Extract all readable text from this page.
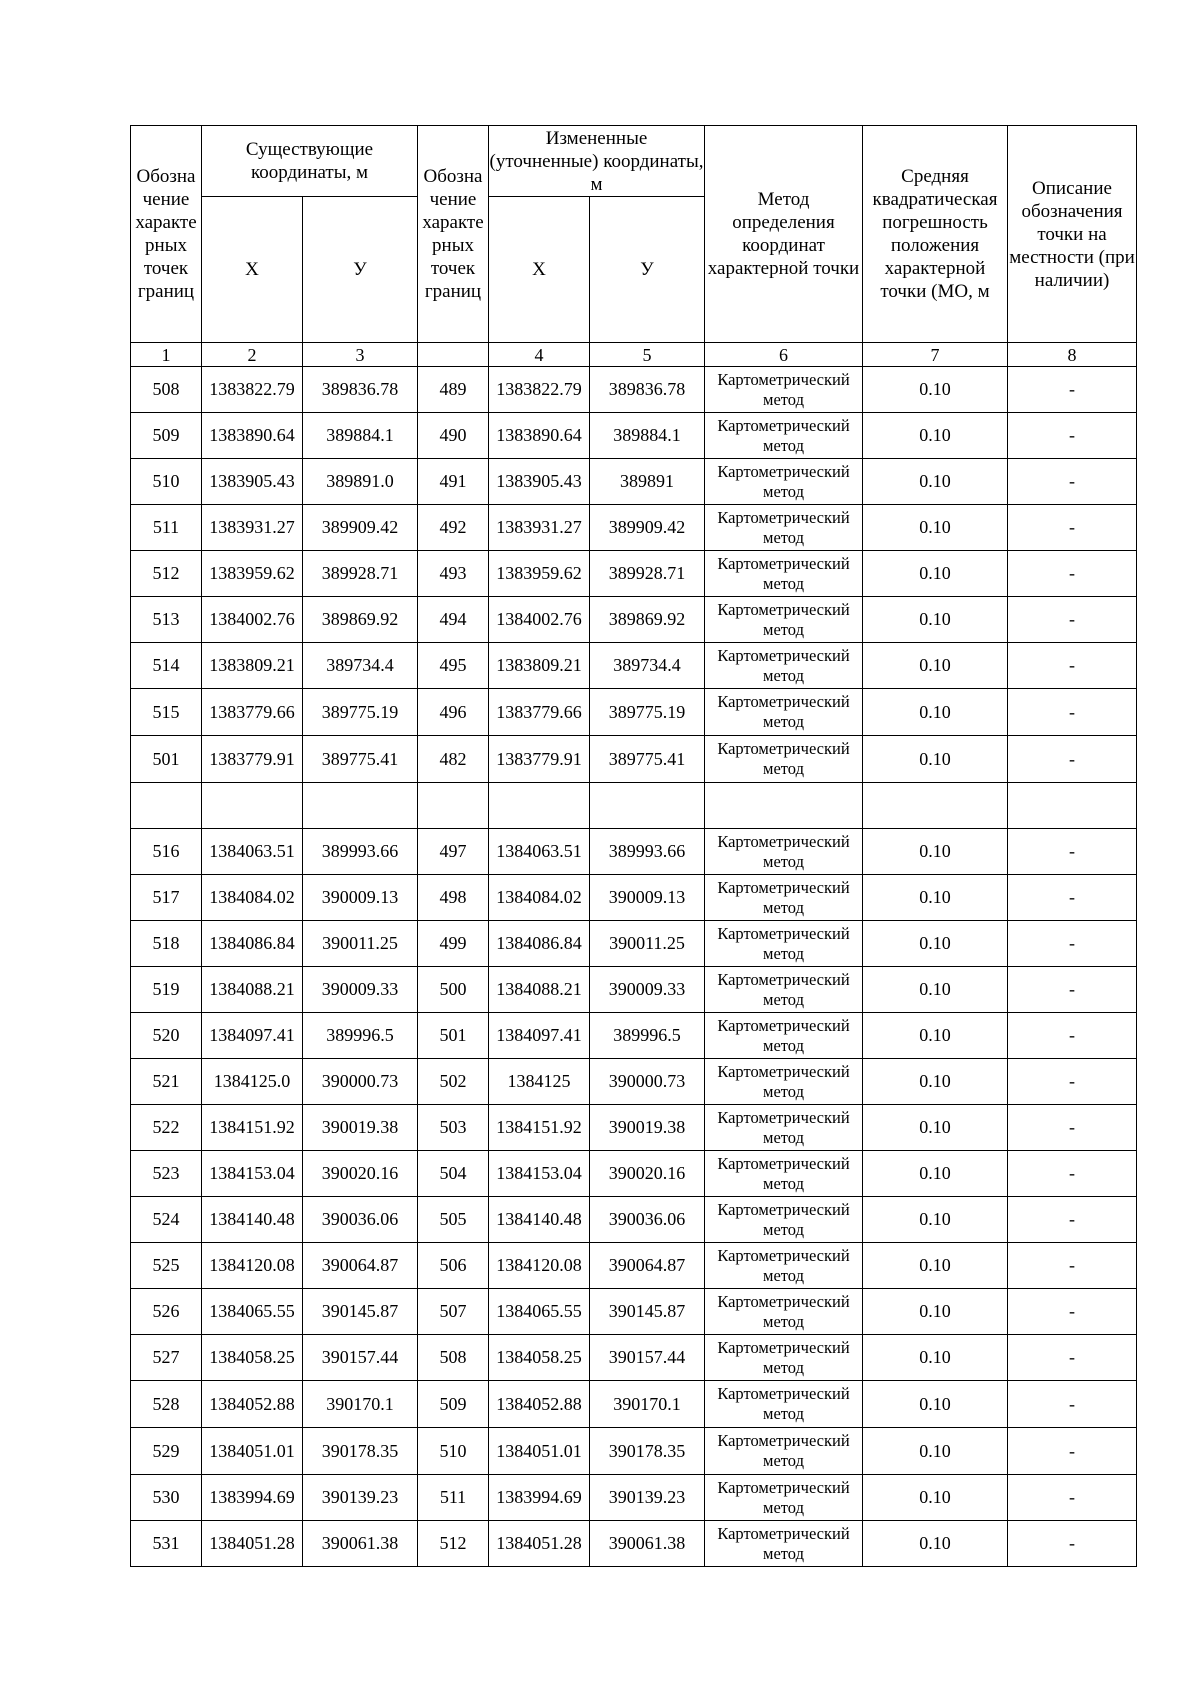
Обозна чение характе рных точек границ	Существующие координаты, м		Обозна чение характе рных точек границ	Измененные (уточненные) координаты, м		Метод определения координат характерной точки	Средняя квадратическая погрешность положения характерной точки (МО, м	Описание обозначения точки на местности (при наличии)
	Х	У		Х	У			
1	2	3		4	5	6	7	8
508	1383822.79	389836.78	489	1383822.79	389836.78	Картометрический метод	0.10	-
509	1383890.64	389884.1	490	1383890.64	389884.1	Картометрический метод	0.10	-
510	1383905.43	389891.0	491	1383905.43	389891	Картометрический метод	0.10	-
511	1383931.27	389909.42	492	1383931.27	389909.42	Картометрический метод	0.10	-
512	1383959.62	389928.71	493	1383959.62	389928.71	Картометрический метод	0.10	-
513	1384002.76	389869.92	494	1384002.76	389869.92	Картометрический метод	0.10	-
514	1383809.21	389734.4	495	1383809.21	389734.4	Картометрический метод	0.10	-
515	1383779.66	389775.19	496	1383779.66	389775.19	Картометрический метод	0.10	-
501	1383779.91	389775.41	482	1383779.91	389775.41	Картометрический метод	0.10	-

516	1384063.51	389993.66	497	1384063.51	389993.66	Картометрический метод	0.10	-
517	1384084.02	390009.13	498	1384084.02	390009.13	Картометрический метод	0.10	-
518	1384086.84	390011.25	499	1384086.84	390011.25	Картометрический метод	0.10	-
519	1384088.21	390009.33	500	1384088.21	390009.33	Картометрический метод	0.10	-
520	1384097.41	389996.5	501	1384097.41	389996.5	Картометрический метод	0.10	-
521	1384125.0	390000.73	502	1384125	390000.73	Картометрический метод	0.10	-
522	1384151.92	390019.38	503	1384151.92	390019.38	Картометрический метод	0.10	-
523	1384153.04	390020.16	504	1384153.04	390020.16	Картометрический метод	0.10	-
524	1384140.48	390036.06	505	1384140.48	390036.06	Картометрический метод	0.10	-
525	1384120.08	390064.87	506	1384120.08	390064.87	Картометрический метод	0.10	-
526	1384065.55	390145.87	507	1384065.55	390145.87	Картометрический метод	0.10	-
527	1384058.25	390157.44	508	1384058.25	390157.44	Картометрический метод	0.10	-
528	1384052.88	390170.1	509	1384052.88	390170.1	Картометрический метод	0.10	-
529	1384051.01	390178.35	510	1384051.01	390178.35	Картометрический метод	0.10	-
530	1383994.69	390139.23	511	1383994.69	390139.23	Картометрический метод	0.10	-
531	1384051.28	390061.38	512	1384051.28	390061.38	Картометрический метод	0.10	-
